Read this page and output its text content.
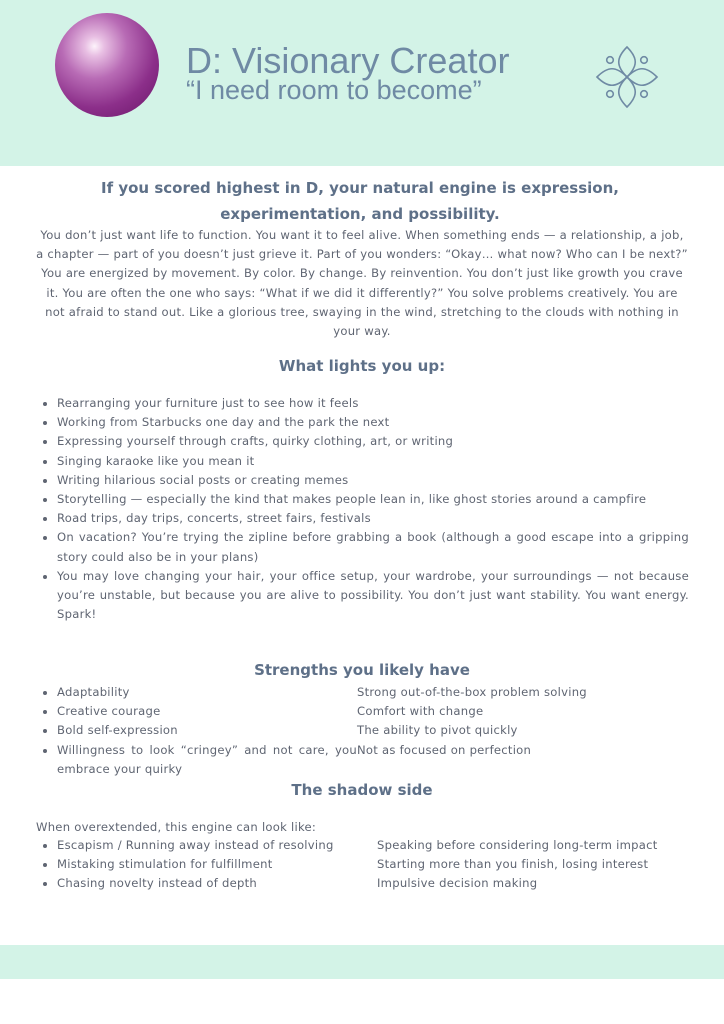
D: Visionary Creator

“I need room to become”

If you scored highest in D, your natural engine is expression, experimentation, and possibility.

You don’t just want life to function. You want it to feel alive. When something ends — a relationship, a job, a chapter — part of you doesn’t just grieve it. Part of you wonders: “Okay… what now? Who can I be next?” You are energized by movement. By color. By change. By reinvention. You don’t just like growth you crave it. You are often the one who says: “What if we did it differently?” You solve problems creatively. You are not afraid to stand out. Like a glorious tree, swaying in the wind, stretching to the clouds with nothing in your way.

What lights you up:

Rearranging your furniture just to see how it feels
Working from Starbucks one day and the park the next
Expressing yourself through crafts, quirky clothing, art, or writing
Singing karaoke like you mean it
Writing hilarious social posts or creating memes
Storytelling — especially the kind that makes people lean in, like ghost stories around a campfire
Road trips, day trips, concerts, street fairs, festivals
On vacation? You’re trying the zipline before grabbing a book (although a good escape into a gripping story could also be in your plans)
You may love changing your hair, your office setup, your wardrobe, your surroundings — not because you’re unstable, but because you are alive to possibility. You don’t just want stability. You want energy. Spark!

Strengths you likely have

Adaptability
Creative courage
Bold self-expression
Willingness to look “cringey” and not care, you embrace your quirky
Strong out-of-the-box problem solving
Comfort with change
The ability to pivot quickly
Not as focused on perfection

The shadow side

When overextended, this engine can look like:

Escapism / Running away instead of resolving
Mistaking stimulation for fulfillment
Chasing novelty instead of depth
Speaking before considering long-term impact
Starting more than you finish, losing interest
Impulsive decision making
